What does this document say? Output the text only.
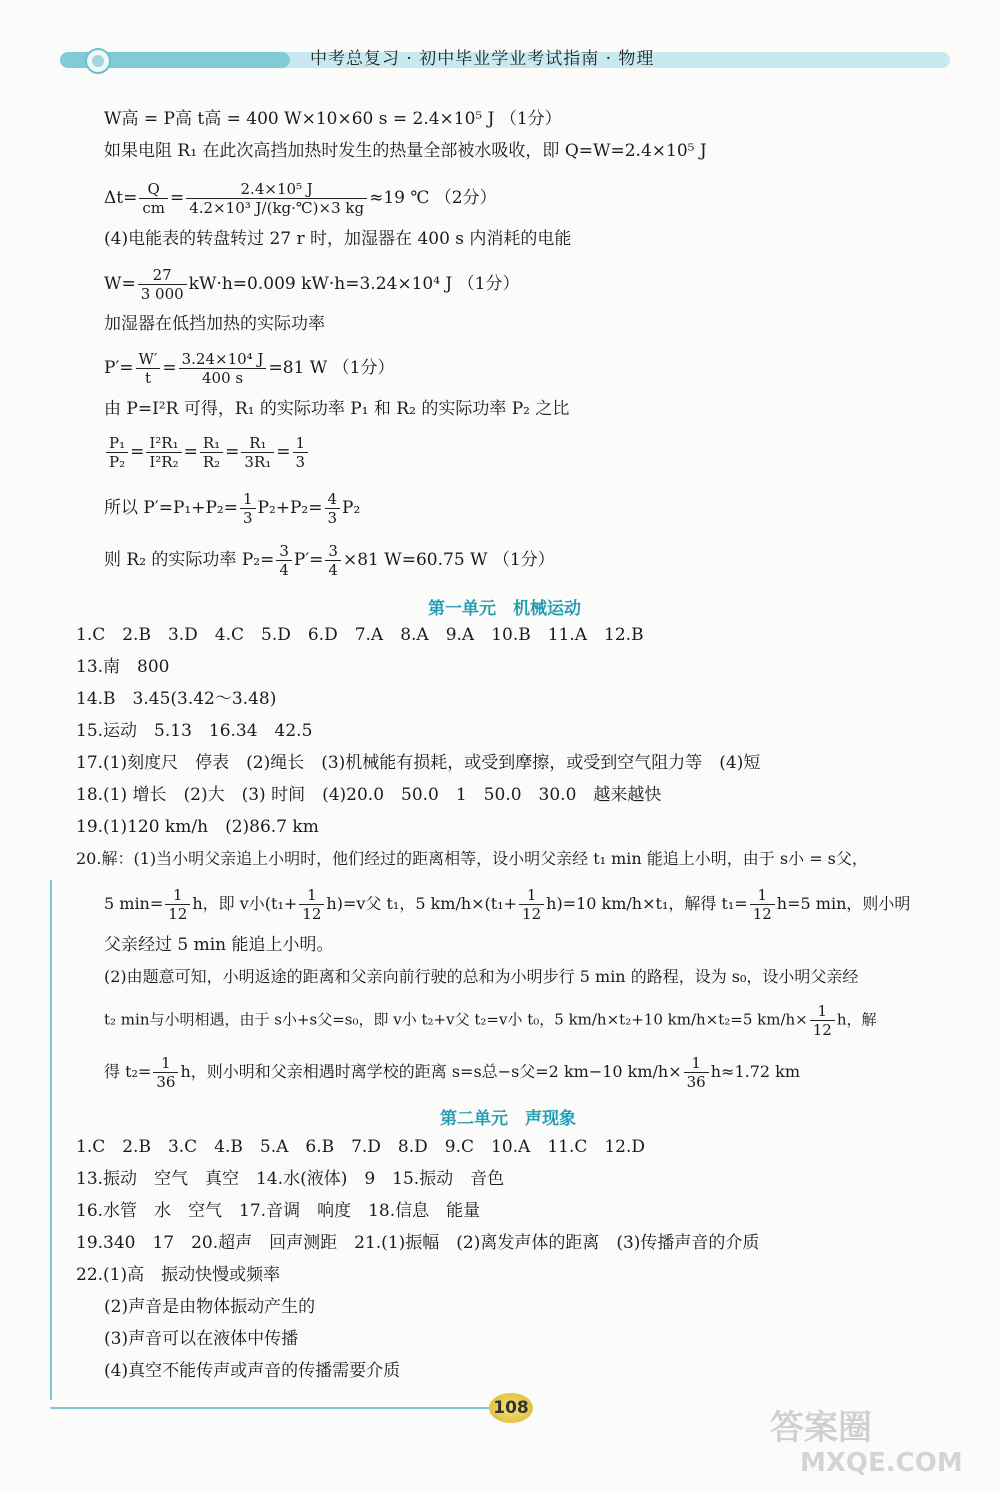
中考总复习 · 初中毕业学业考试指南 · 物理
W高 = P高 t高 = 400 W×10×60 s = 2.4×10⁵ J （1分）
如果电阻 R₁ 在此次高挡加热时发生的热量全部被水吸收，即 Q=W=2.4×10⁵ J
$\Delta t= \frac{Q}{cm} = \frac{\text{2.4×10⁵ J}}{\text{4.2×10³ J/(kg·℃)×3 kg}} \approx 19$ ℃ （2分）
(4)电能表的转盘转过 27 r 时，加湿器在 400 s 内消耗的电能
$W= \frac{27}{3 000} kW\cdot h=0.009$ kW·h=3.24×10⁴ J （1分）
加湿器在低挡加热的实际功率
$P'= \frac{W'}{t} = \frac{\text{3.24×10⁴ J}}{400 s} =81$ W （1分）
由 P=I²R 可得，R₁ 的实际功率 P₁ 和 R₂ 的实际功率 P₂ 之比
$\frac{\text{P₁}}{\text{P₂}} = \frac{\text{I²R₁}}{\text{I²R₂}} = \frac{\text{R₁}}{\text{R₂}} = \frac{\text{R₁}}{\text{3R₁}} = \frac{1}{3}$
所以 $P'=P_1+P_2= \frac{1}{3} P_2+P_2= \frac{4}{3} P_2$
则 R₂ 的实际功率 $P_2= \frac{3}{4} P'= \frac{3}{4} \times 81$ W=60.75 W （1分）
第一单元　机械运动
1.C　2.B　3.D　4.C　5.D　6.D　7.A　8.A　9.A　10.B　11.A　12.B
13.南　800
14.B　3.45(3.42～3.48)
15.运动　5.13　16.34　42.5
17.(1)刻度尺　停表　(2)绳长　(3)机械能有损耗，或受到摩擦，或受到空气阻力等　(4)短
18.(1) 增长　(2)大　(3) 时间　(4)20.0　50.0　1　50.0　30.0　越来越快
19.(1)120 km/h　(2)86.7 km
20.解：(1)当小明父亲追上小明时，他们经过的距离相等，设小明父亲经 t₁ min 能追上小明，由于 s小 = s父，
5 $\min= \frac{1}{12}$ h，即 v小$(t_1+ \frac{1}{12} h)=v$父 t₁，5 $km/h\times(t_1+ \frac{1}{12} h)=10$ km/h×t₁，解得 $t_1= \frac{1}{12} h=5$ min，则小明
父亲经过 5 min 能追上小明。
(2)由题意可知，小明返途的距离和父亲向前行驶的总和为小明步行 5 min 的路程，设为 s₀，设小明父亲经
t₂ min与小明相遇，由于 s小+s父=s₀，即 v小 t₂+v父 t₂=v小 t₀，5 km/h×t₂+10 km/h×t₂=5 $km/h\times \frac{1}{12}$ h，解
得 $t_2= \frac{1}{36}$ h，则小明和父亲相遇时离学校的距离 s=s总−s父=2 km−10 $km/h\times \frac{1}{36} h\approx 1.72$ km
第二单元　声现象
1.C　2.B　3.C　4.B　5.A　6.B　7.D　8.D　9.C　10.A　11.C　12.D
13.振动　空气　真空　14.水(液体)　9　15.振动　音色
16.水管　水　空气　17.音调　响度　18.信息　能量
19.340　17　20.超声　回声测距　21.(1)振幅　(2)离发声体的距离　(3)传播声音的介质
22.(1)高　振动快慢或频率
(2)声音是由物体振动产生的
(3)声音可以在液体中传播
(4)真空不能传声或声音的传播需要介质
108	答案圈
MXQE.COM
